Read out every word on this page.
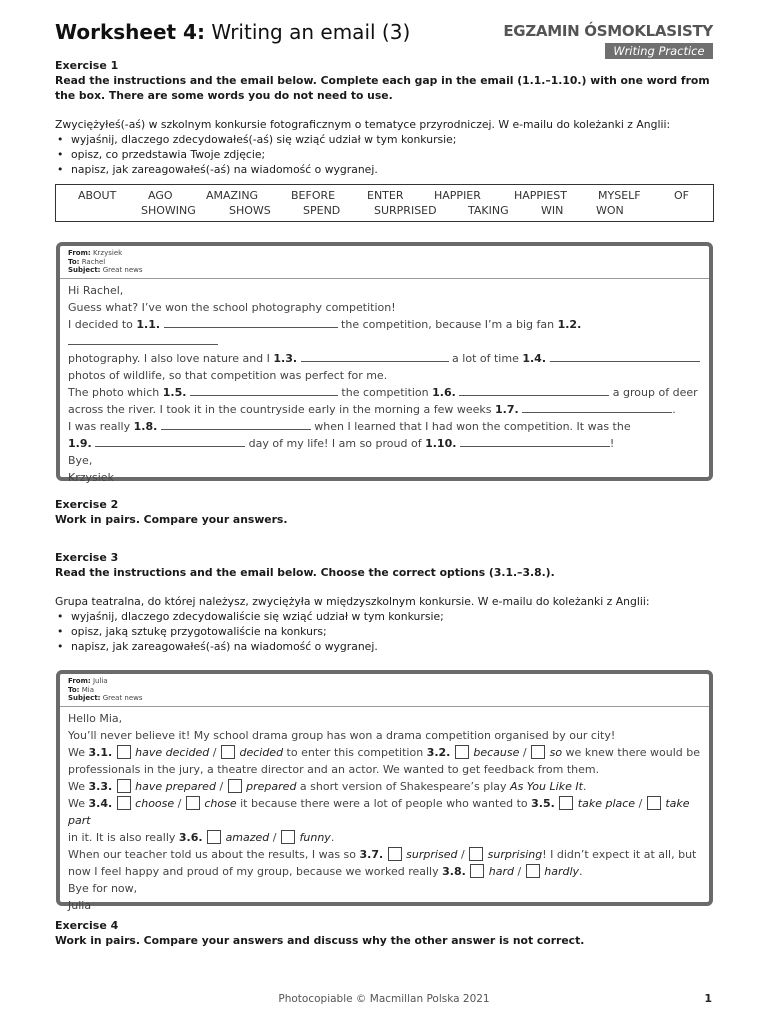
Worksheet 4: Writing an email (3)	EGZAMIN ÓSMOKLASISTY
Writing Practice
Exercise 1
Read the instructions and the email below. Complete each gap in the email (1.1.–1.10.) with one word from the box. There are some words you do not need to use.
Zwyciężyłeś(-aś) w szkolnym konkursie fotograficznym o tematyce przyrodniczej. W e-mailu do koleżanki z Anglii:
• wyjaśnij, dlaczego zdecydowałeś(-aś) się wziąć udział w tym konkursie;
• opisz, co przedstawia Twoje zdjęcie;
• napisz, jak zareagowałeś(-aś) na wiadomość o wygranej.
ABOUT	AGO	AMAZING	BEFORE	ENTER	HAPPIER	HAPPIEST	MYSELF	OF
SHOWING	SHOWS	SPEND	SURPRISED	TAKING	WIN	WON
From: Krzysiek
To: Rachel
Subject: Great news
Hi Rachel,
Guess what? I’ve won the school photography competition!
I decided to 1.1.	the competition, because I’m a big fan 1.2.
photography. I also love nature and I 1.3.	a lot of time 1.4.
photos of wildlife, so that competition was perfect for me.
The photo which 1.5.	the competition 1.6.	a group of deer
across the river. I took it in the countryside early in the morning a few weeks 1.7.	.
I was really 1.8.	when I learned that I had won the competition. It was the
1.9.	day of my life! I am so proud of 1.10.	!
Bye,
Krzysiek
Exercise 2
Work in pairs. Compare your answers.
Exercise 3
Read the instructions and the email below. Choose the correct options (3.1.–3.8.).
Grupa teatralna, do której należysz, zwyciężyła w międzyszkolnym konkursie. W e-mailu do koleżanki z Anglii:
• wyjaśnij, dlaczego zdecydowaliście się wziąć udział w tym konkursie;
• opisz, jaką sztukę przygotowaliście na konkurs;
• napisz, jak zareagowałeś(-aś) na wiadomość o wygranej.
From: Julia
To: Mia
Subject: Great news
Hello Mia,
You’ll never believe it! My school drama group has won a drama competition organised by our city!
We 3.1. have decided / decided to enter this competition 3.2. because / so we knew there would be
professionals in the jury, a theatre director and an actor. We wanted to get feedback from them.
We 3.3. have prepared / prepared a short version of Shakespeare’s play As You Like It.
We 3.4. choose / chose it because there were a lot of people who wanted to 3.5. take place / take part
in it. It is also really 3.6. amazed / funny.
When our teacher told us about the results, I was so 3.7. surprised / surprising! I didn’t expect it at all, but
now I feel happy and proud of my group, because we worked really 3.8. hard / hardly.
Bye for now,
Julia
Exercise 4
Work in pairs. Compare your answers and discuss why the other answer is not correct.
Photocopiable © Macmillan Polska 2021	1
